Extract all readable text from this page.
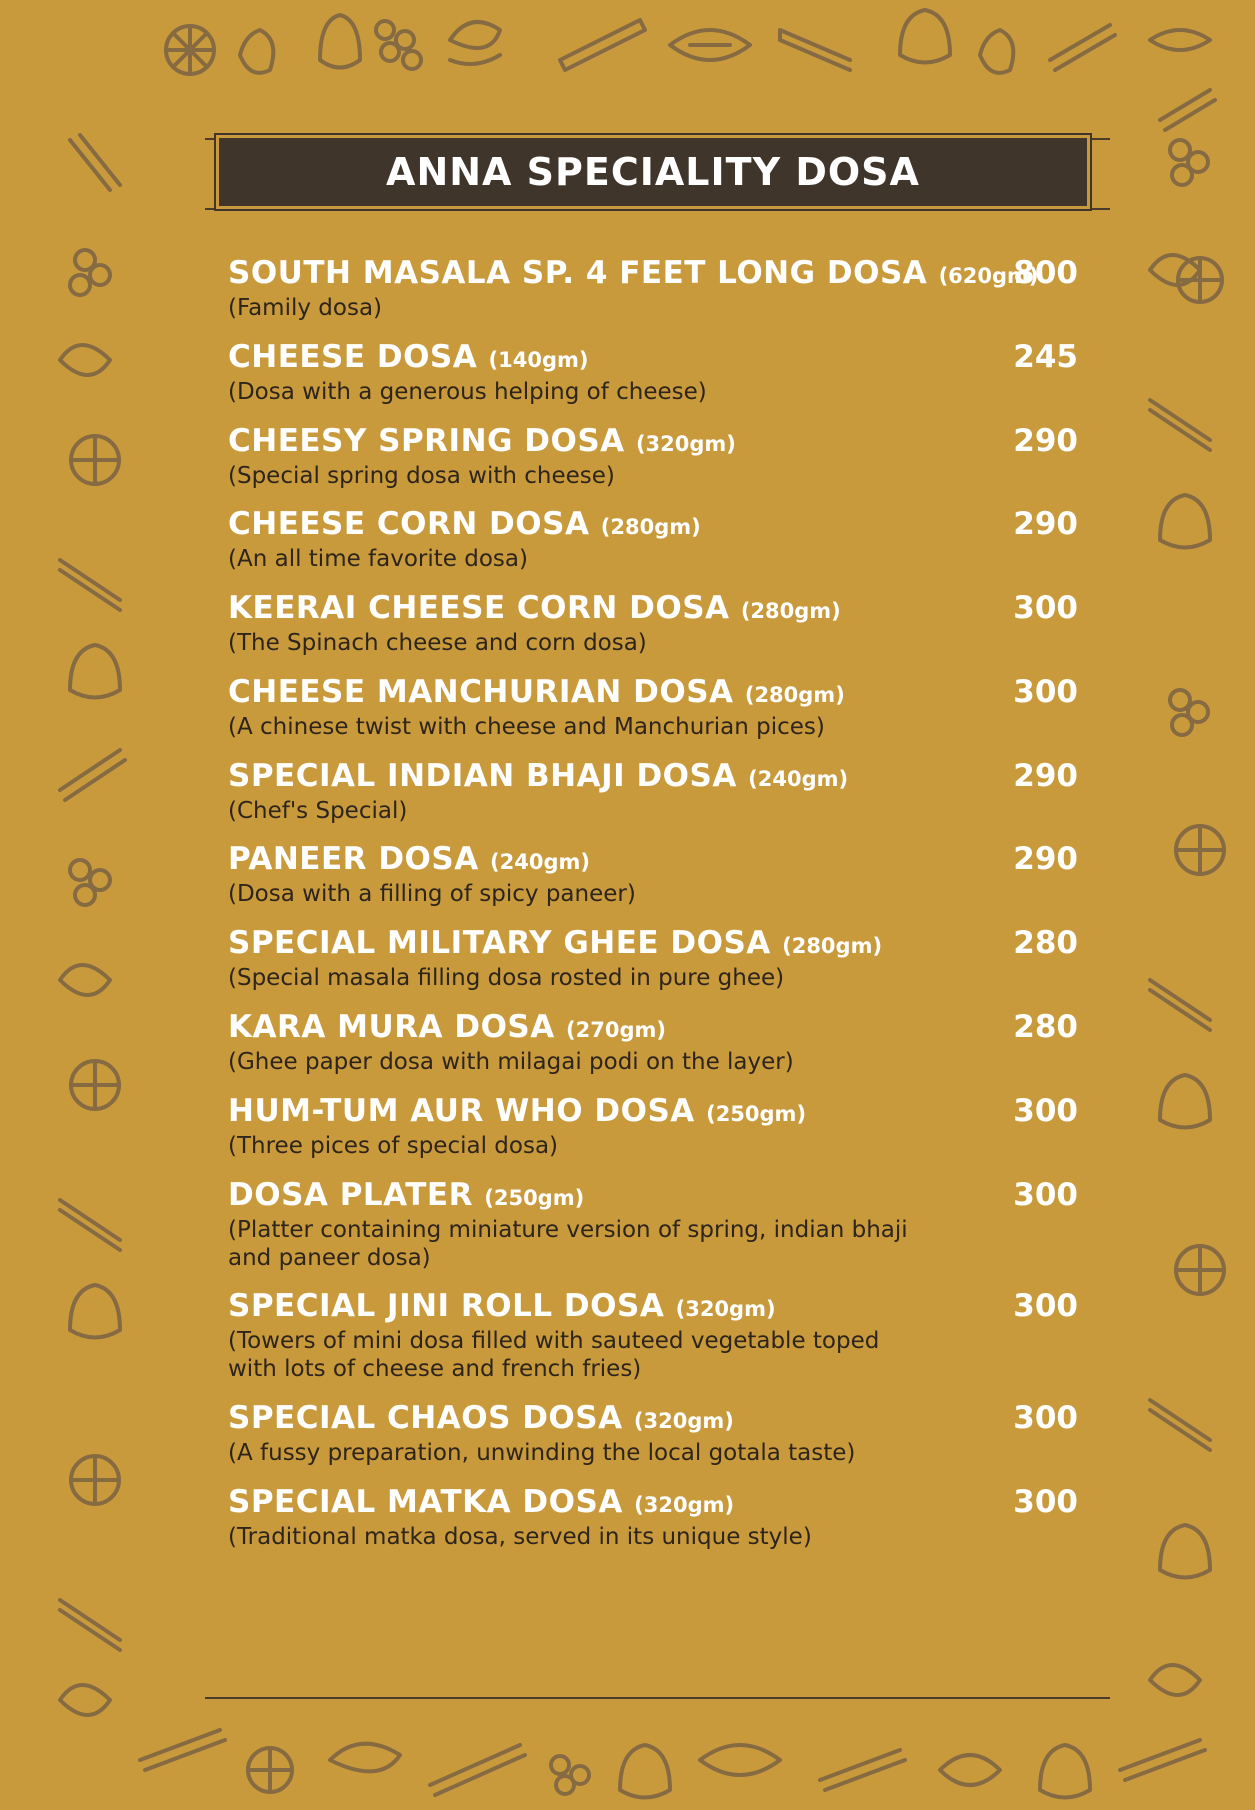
ANNA SPECIALITY DOSA
SOUTH MASALA SP. 4 FEET LONG DOSA (620gm)
(Family dosa)
800
CHEESE DOSA (140gm)
(Dosa with a generous helping of cheese)
245
CHEESY SPRING DOSA (320gm)
(Special spring dosa with cheese)
290
CHEESE CORN DOSA (280gm)
(An all time favorite dosa)
290
KEERAI CHEESE CORN DOSA (280gm)
(The Spinach cheese and corn dosa)
300
CHEESE MANCHURIAN DOSA (280gm)
(A chinese twist with cheese and Manchurian pices)
300
SPECIAL INDIAN BHAJI DOSA (240gm)
(Chef's Special)
290
PANEER DOSA (240gm)
(Dosa with a filling of spicy paneer)
290
SPECIAL MILITARY GHEE DOSA (280gm)
(Special masala filling dosa rosted in pure ghee)
280
KARA MURA DOSA (270gm)
(Ghee paper dosa with milagai podi on the layer)
280
HUM-TUM AUR WHO DOSA (250gm)
(Three pices of special dosa)
300
DOSA PLATER (250gm)
(Platter containing miniature version of spring, indian bhaji and paneer dosa)
300
SPECIAL JINI ROLL DOSA (320gm)
(Towers of mini dosa filled with sauteed vegetable toped with lots of cheese and french fries)
300
SPECIAL CHAOS DOSA (320gm)
(A fussy preparation, unwinding the local gotala taste)
300
SPECIAL MATKA DOSA (320gm)
(Traditional matka dosa, served in its unique style)
300
